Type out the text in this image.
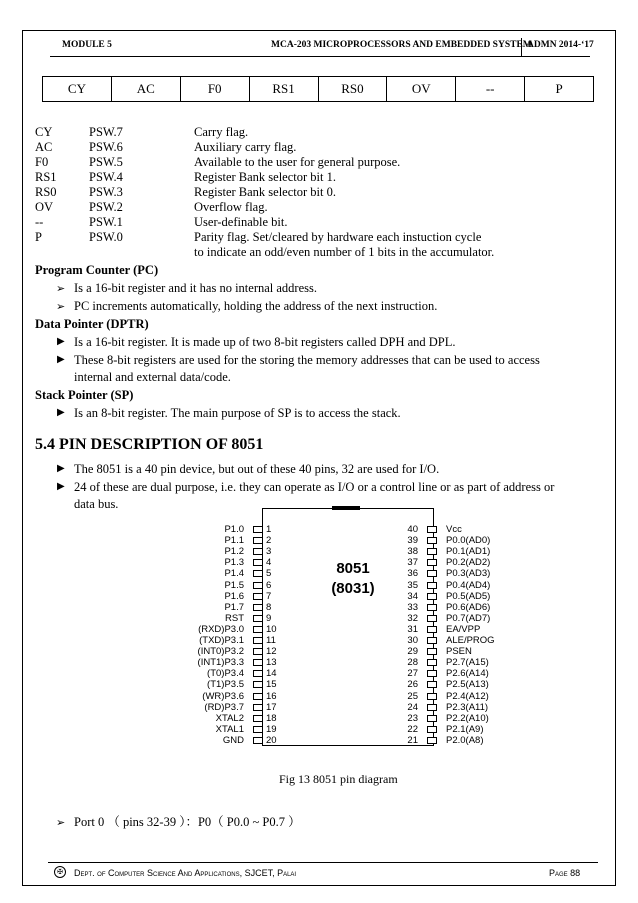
MODULE 5	MCA-203 MICROPROCESSORS AND EMBEDDED SYSTEM
ADMN 2014-‘17
CY	AC	F0	RS1	RS0	OV	--	P
CY	PSW.7	Carry flag.
AC	PSW.6	Auxiliary carry flag.
F0	PSW.5	Available to the user for general purpose.
RS1	PSW.4	Register Bank selector bit 1.
RS0	PSW.3	Register Bank selector bit 0.
OV	PSW.2	Overflow flag.
--	PSW.1	User-definable bit.
P	PSW.0	Parity flag. Set/cleared by hardware each instuction cycle
to indicate an odd/even number of 1 bits in the accumulator.
Program Counter (PC)
➢ Is a 16-bit register and it has no internal address.
➢ PC increments automatically, holding the address of the next instruction.
Data Pointer (DPTR)
▶ Is a 16-bit register. It is made up of two 8-bit registers called DPH and DPL.
▶ These 8-bit registers are used for the storing the memory addresses that can be used to access
internal and external data/code.
Stack Pointer (SP)
▶ Is an 8-bit register. The main purpose of SP is to access the stack.
5.4 PIN DESCRIPTION OF 8051
▶ The 8051 is a 40 pin device, but out of these 40 pins, 32 are used for I/O.
▶ 24 of these are dual purpose, i.e. they can operate as I/O or a control line or as part of address or
data bus.
8051
(8031)
P1.0 1
P1.1 2
P1.2 3
P1.3 4
P1.4 5
P1.5 6
P1.6 7
P1.7 8
RST 9
(RXD)P3.0 10
(TXD)P3.1 11
(INT0)P3.2 12
(INT1)P3.3 13
(T0)P3.4 14
(T1)P3.5 15
(WR)P3.6 16
(RD)P3.7 17
XTAL2 18
XTAL1 19
GND 20
40	Vcc
39	P0.0(AD0)
38	P0.1(AD1)
37	P0.2(AD2)
36	P0.3(AD3)
35	P0.4(AD4)
34	P0.5(AD5)
33	P0.6(AD6)
32	P0.7(AD7)
31	EA/VPP
30	ALE/PROG
29	PSEN
28	P2.7(A15)
27	P2.6(A14)
26	P2.5(A13)
25	P2.4(A12)
24	P2.3(A11)
23	P2.2(A10)
22	P2.1(A9)
21	P2.0(A8)
Fig 13 8051 pin diagram
➢ Port 0 （ pins 32-39 ）：P0（ P0.0 ~ P0.7 ）
✠	Dept. of Computer Science And Applications, SJCET, Palai	Page 88
